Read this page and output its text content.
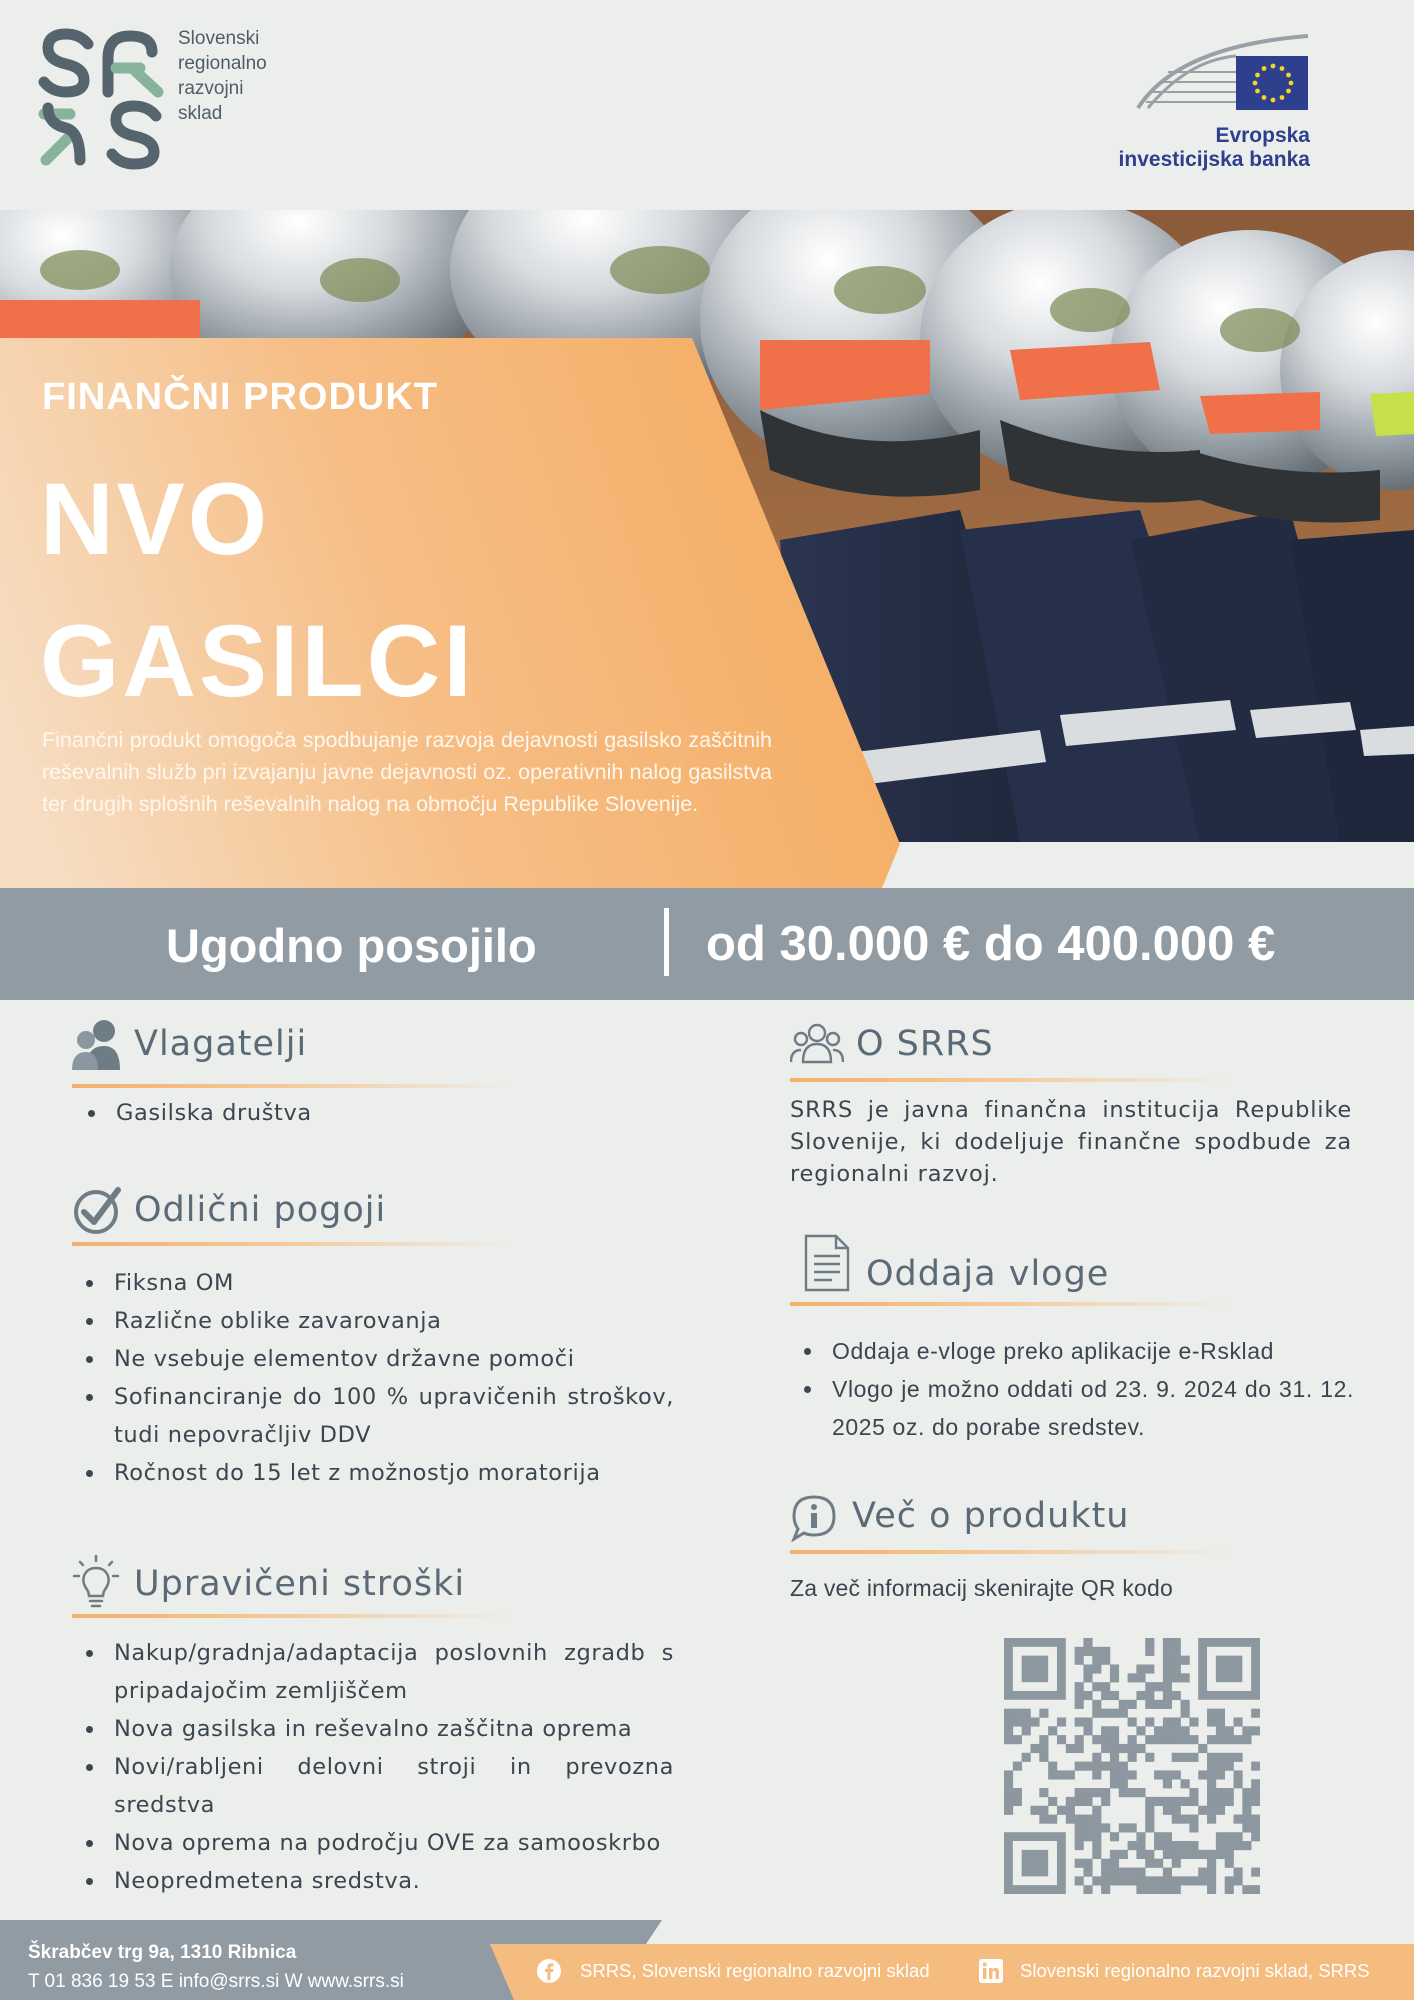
Slovenski
regionalno
razvojni
sklad
Evropska
investicijska banka
FINANČNI PRODUKT
NVO
GASILCI
Finančni produkt omogoča spodbujanje razvoja dejavnosti gasilsko zaščitnih reševalnih služb pri izvajanju javne dejavnosti oz. operativnih nalog gasilstva ter drugih splošnih reševalnih nalog na območju Republike Slovenije.
Ugodno posojilo	od 30.000 € do 400.000 €
Vlagatelji
Gasilska društva
Odlični pogoji
Fiksna OM
Različne oblike zavarovanja
Ne vsebuje elementov državne pomoči
Sofinanciranje do 100 % upravičenih stroškov, tudi nepovračljiv DDV
Ročnost do 15 let z možnostjo moratorija
Upravičeni stroški
Nakup/gradnja/adaptacija poslovnih zgradb s pripadajočim zemljiščem
Nova gasilska in reševalno zaščitna oprema
Novi/rabljeni delovni stroji in prevozna sredstva
Nova oprema na področju OVE za samooskrbo
Neopredmetena sredstva.
O SRRS
SRRS je javna finančna institucija Republike Slovenije, ki dodeljuje finančne spodbude za regionalni razvoj.
Oddaja vloge
Oddaja e-vloge preko aplikacije e-Rsklad
Vlogo je možno oddati od 23. 9. 2024 do 31. 12. 2025 oz. do porabe sredstev.
Več o produktu
Za več informacij skenirajte QR kodo
Škrabčev trg 9a, 1310 Ribnica
T 01 836 19 53 E info@srrs.si W www.srrs.si
SRRS, Slovenski regionalno razvojni sklad	Slovenski regionalno razvojni sklad, SRRS
